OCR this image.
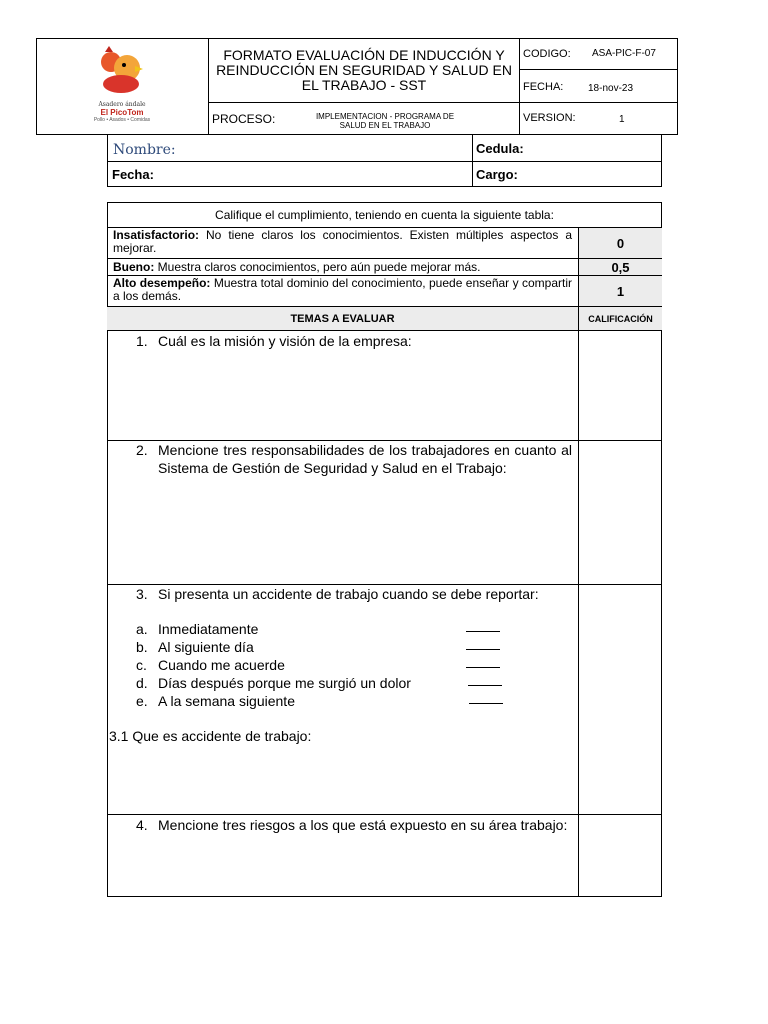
Asadero ándale
El PicoTom
Pollo • Asados • Comidas
FORMATO EVALUACIÓN DE INDUCCIÓN Y REINDUCCIÓN EN SEGURIDAD Y SALUD EN EL TRABAJO - SST
PROCESO:	IMPLEMENTACION - PROGRAMA DE SALUD EN EL TRABAJO
CODIGO: ASA-PIC-F-07
FECHA: 18-nov-23
VERSION:	1
Nombre:	Cedula:
Fecha:	Cargo:
Califique el cumplimiento, teniendo en cuenta la siguiente tabla:
Insatisfactorio: No tiene claros los conocimientos. Existen múltiples aspectos a mejorar.	0
Bueno: Muestra claros conocimientos, pero aún puede mejorar más.	0,5
Alto desempeño: Muestra total dominio del conocimiento, puede enseñar y compartir a los demás.	1
TEMAS A EVALUAR	CALIFICACIÓN
1. Cuál es la misión y visión de la empresa:
2. Mencione tres responsabilidades de los trabajadores en cuanto al Sistema de Gestión de Seguridad y Salud en el Trabajo:
3. Si presenta un accidente de trabajo cuando se debe reportar:
a. Inmediatamente
b. Al siguiente día
c. Cuando me acuerde
d. Días después porque me surgió un dolor
e. A la semana siguiente
3.1 Que es accidente de trabajo:
4. Mencione tres riesgos a los que está expuesto en su área trabajo:
